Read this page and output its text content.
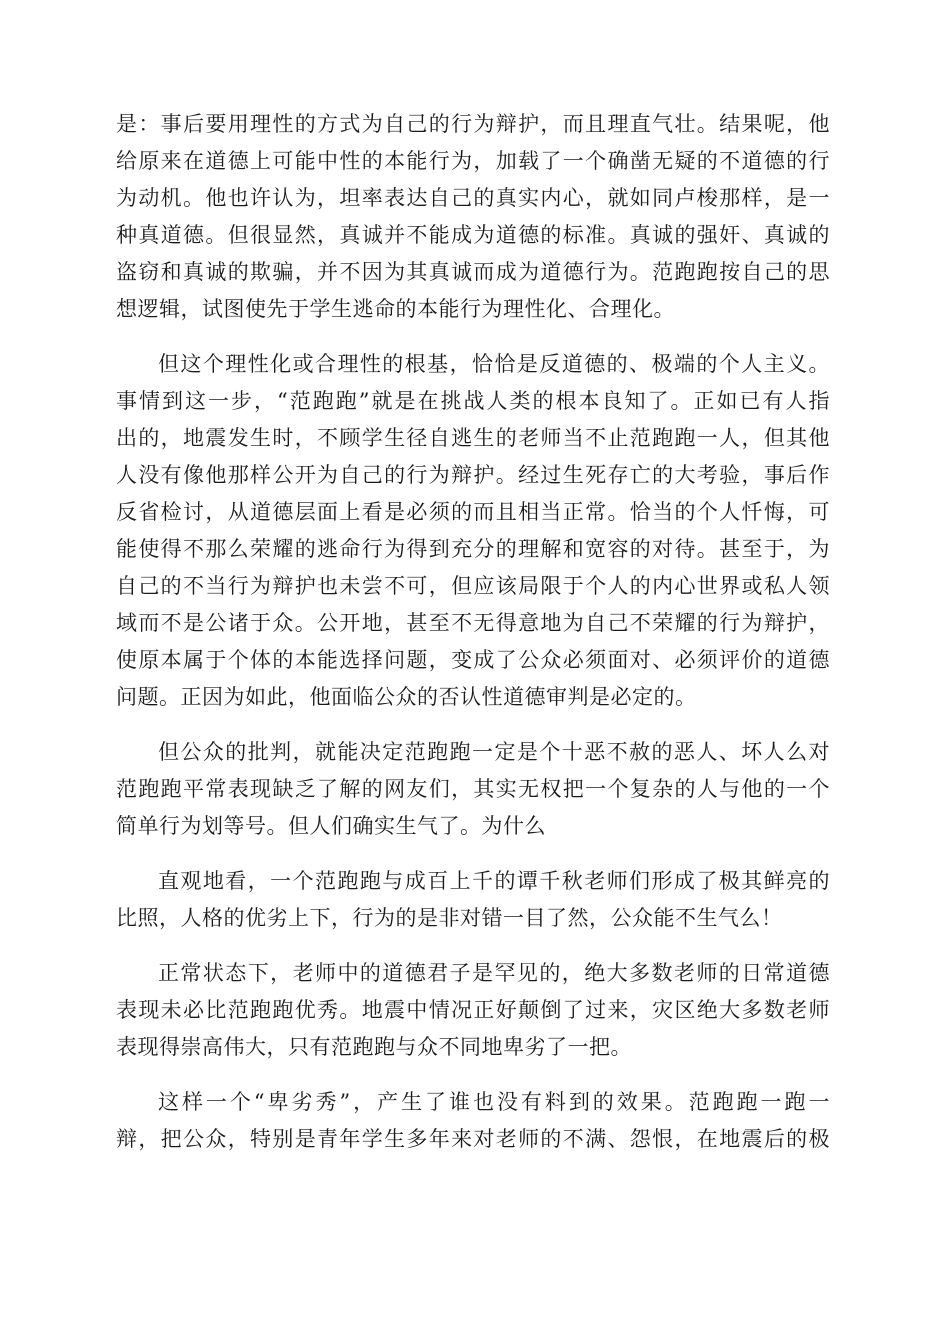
是：事后要用理性的方式为自己的行为辩护，而且理直气壮。结果呢，他
给原来在道德上可能中性的本能行为，加载了一个确凿无疑的不道德的行
为动机。他也许认为，坦率表达自己的真实内心，就如同卢梭那样，是一
种真道德。但很显然，真诚并不能成为道德的标准。真诚的强奸、真诚的
盗窃和真诚的欺骗，并不因为其真诚而成为道德行为。范跑跑按自己的思
想逻辑，试图使先于学生逃命的本能行为理性化、合理化。

但这个理性化或合理性的根基，恰恰是反道德的、极端的个人主义。
事情到这一步，“范跑跑”就是在挑战人类的根本良知了。正如已有人指
出的，地震发生时，不顾学生径自逃生的老师当不止范跑跑一人，但其他
人没有像他那样公开为自己的行为辩护。经过生死存亡的大考验，事后作
反省检讨，从道德层面上看是必须的而且相当正常。恰当的个人忏悔，可
能使得不那么荣耀的逃命行为得到充分的理解和宽容的对待。甚至于，为
自己的不当行为辩护也未尝不可，但应该局限于个人的内心世界或私人领
域而不是公诸于众。公开地，甚至不无得意地为自己不荣耀的行为辩护，
使原本属于个体的本能选择问题，变成了公众必须面对、必须评价的道德
问题。正因为如此，他面临公众的否认性道德审判是必定的。

但公众的批判，就能决定范跑跑一定是个十恶不赦的恶人、坏人么对
范跑跑平常表现缺乏了解的网友们，其实无权把一个复杂的人与他的一个
简单行为划等号。但人们确实生气了。为什么

直观地看，一个范跑跑与成百上千的谭千秋老师们形成了极其鲜亮的
比照，人格的优劣上下，行为的是非对错一目了然，公众能不生气么！

正常状态下，老师中的道德君子是罕见的，绝大多数老师的日常道德
表现未必比范跑跑优秀。地震中情况正好颠倒了过来，灾区绝大多数老师
表现得崇高伟大，只有范跑跑与众不同地卑劣了一把。

这样一个“卑劣秀”，产生了谁也没有料到的效果。范跑跑一跑一
辩，把公众，特别是青年学生多年来对老师的不满、怨恨，在地震后的极
